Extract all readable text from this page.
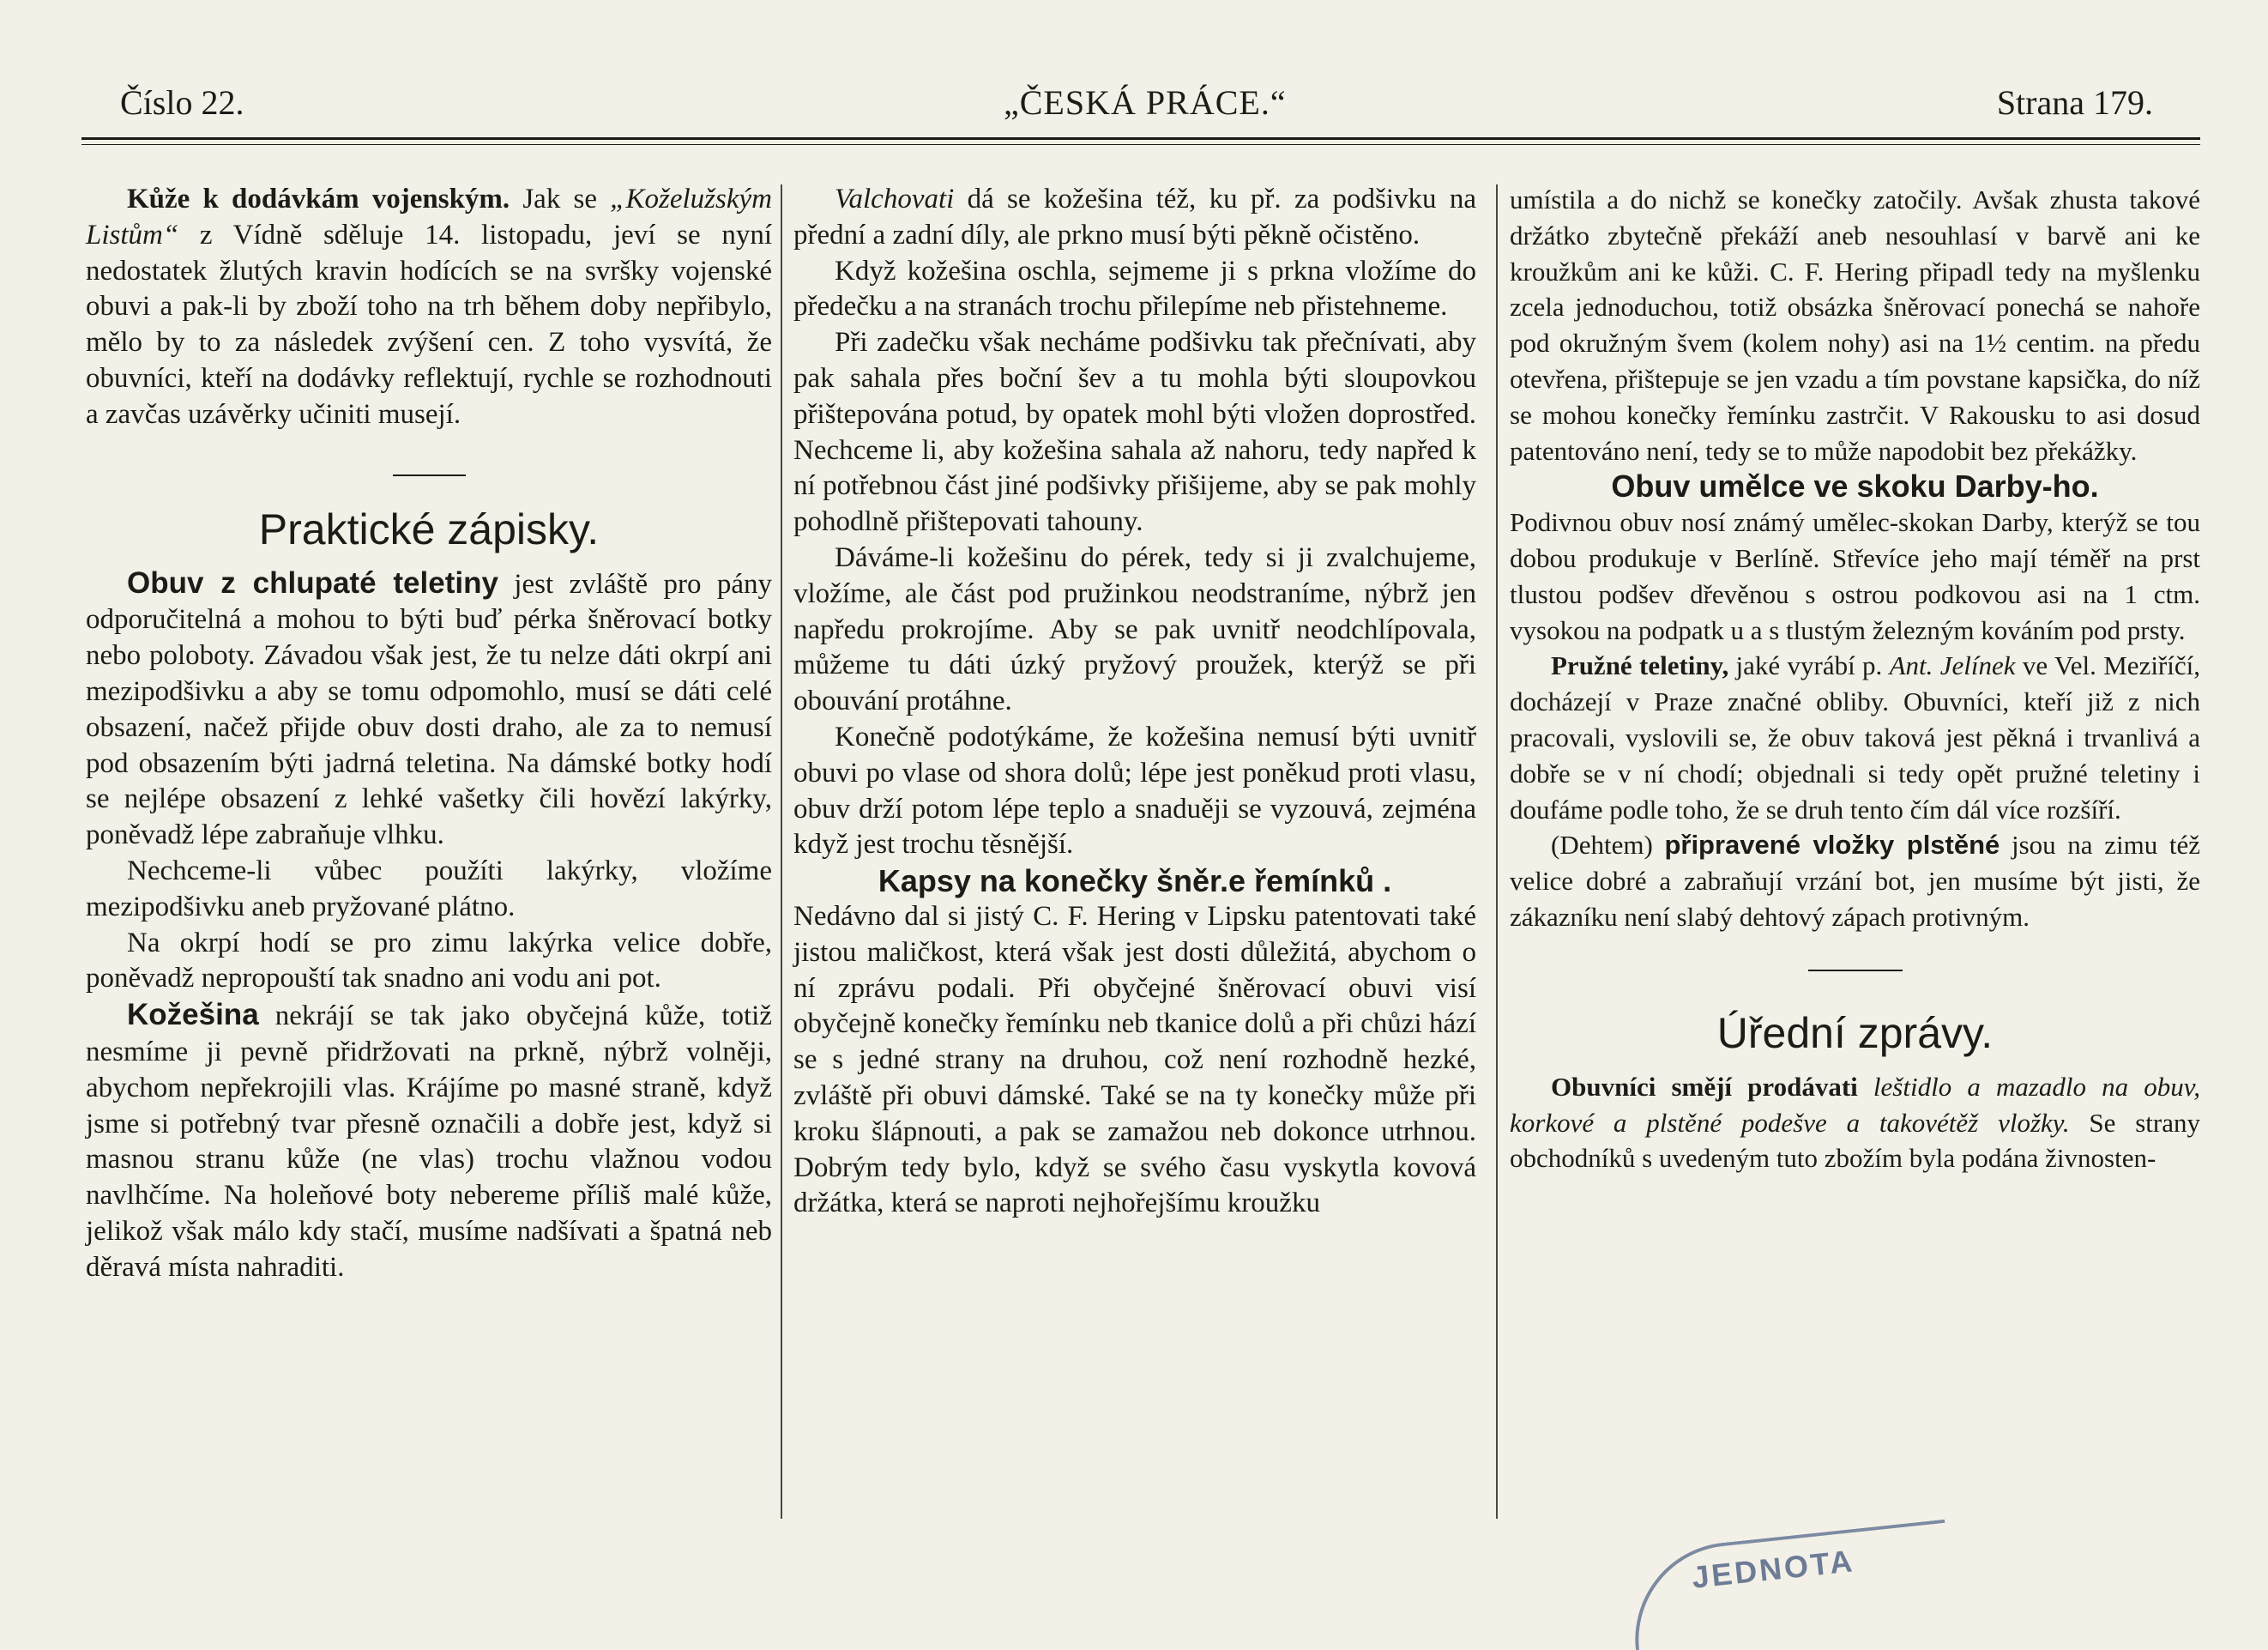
Číslo 22.	„ČESKÁ PRÁCE.“	Strana 179.

Kůže k dodávkám vojenským. Jak se „Koželužským Listům“ z Vídně sděluje 14. listopadu, jeví se nyní nedostatek žlutých kravin hodících se na svršky vojenské obuvi a pak-li by zboží toho na trh během doby nepřibylo, mělo by to za následek zvýšení cen. Z toho vysvítá, že obuvníci, kteří na dodávky reflektují, rychle se rozhodnouti a zavčas uzávěrky učiniti musejí.

Praktické zápisky.

Obuv z chlupaté teletiny jest zvláště pro pány odporučitelná a mohou to býti buď pérka šněrovací botky nebo poloboty. Závadou však jest, že tu nelze dáti okrpí ani mezipodšivku a aby se tomu odpomohlo, musí se dáti celé obsazení, načež přijde obuv dosti draho, ale za to nemusí pod obsazením býti jadrná teletina. Na dámské botky hodí se nejlépe obsazení z lehké vašetky čili hovězí lakýrky, poněvadž lépe zabraňuje vlhku.

Nechceme-li vůbec použíti lakýrky, vložíme mezipodšivku aneb pryžované plátno.

Na okrpí hodí se pro zimu lakýrka velice dobře, poněvadž nepropouští tak snadno ani vodu ani pot.

Kožešina nekrájí se tak jako obyčejná kůže, totiž nesmíme ji pevně přidržovati na prkně, nýbrž volněji, abychom nepřekrojili vlas. Krájíme po masné straně, když jsme si potřebný tvar přesně označili a dobře jest, když si masnou stranu kůže (ne vlas) trochu vlažnou vodou navlhčíme. Na holeňové boty nebereme příliš malé kůže, jelikož však málo kdy stačí, musíme nadšívati a špatná neb děravá místa nahraditi.

Valchovati dá se kožešina též, ku př. za podšivku na přední a zadní díly, ale prkno musí býti pěkně očistěno.

Když kožešina oschla, sejmeme ji s prkna vložíme do předečku a na stranách trochu přilepíme neb přistehneme.

Při zadečku však necháme podšivku tak přečnívati, aby pak sahala přes boční šev a tu mohla býti sloupovkou přištepována potud, by opatek mohl býti vložen doprostřed. Nechceme li, aby kožešina sahala až nahoru, tedy napřed k ní potřebnou část jiné podšivky přišijeme, aby se pak mohly pohodlně přištepovati tahouny.

Dáváme-li kožešinu do pérek, tedy si ji zvalchujeme, vložíme, ale část pod pružinkou neodstraníme, nýbrž jen napředu prokrojíme. Aby se pak uvnitř neodchlípovala, můžeme tu dáti úzký pryžový proužek, kterýž se při obouvání protáhne.

Konečně podotýkáme, že kožešina nemusí býti uvnitř obuvi po vlase od shora dolů; lépe jest poněkud proti vlasu, obuv drží potom lépe teplo a snaduěji se vyzouvá, zejména když jest trochu těsnější.

Kapsy na konečky šněr.e řemínků .

Nedávno dal si jistý C. F. Hering v Lipsku patentovati také jistou maličkost, která však jest dosti důležitá, abychom o ní zprávu podali. Při obyčejné šněrovací obuvi visí obyčejně konečky řemínku neb tkanice dolů a při chůzi hází se s jedné strany na druhou, což není rozhodně hezké, zvláště při obuvi dámské. Také se na ty konečky může při kroku šlápnouti, a pak se zamažou neb dokonce utrhnou. Dobrým tedy bylo, když se svého času vyskytla kovová držátka, která se naproti nejhořejšímu kroužku

umístila a do nichž se konečky zatočily. Avšak zhusta takové držátko zbytečně překáží aneb nesouhlasí v barvě ani ke kroužkům ani ke kůži. C. F. Hering připadl tedy na myšlenku zcela jednoduchou, totiž obsázka šněrovací ponechá se nahoře pod okružným švem (kolem nohy) asi na 1½ centim. na předu otevřena, přištepuje se jen vzadu a tím povstane kapsička, do níž se mohou konečky řemínku zastrčit. V Rakousku to asi dosud patentováno není, tedy se to může napodobit bez překážky.

Obuv umělce ve skoku Darby-ho.

Podivnou obuv nosí známý umělec-skokan Darby, kterýž se tou dobou produkuje v Berlíně. Střevíce jeho mají téměř na prst tlustou podšev dřevěnou s ostrou podkovou asi na 1 ctm. vysokou na podpatk u a s tlustým železným kováním pod prsty.

Pružné teletiny, jaké vyrábí p. Ant. Jelínek ve Vel. Meziříčí, docházejí v Praze značné obliby. Obuvníci, kteří již z nich pracovali, vyslovili se, že obuv taková jest pěkná i trvanlivá a dobře se v ní chodí; objednali si tedy opět pružné teletiny i doufáme podle toho, že se druh tento čím dál více rozšíří.

(Dehtem) připravené vložky plstěné jsou na zimu též velice dobré a zabraňují vrzání bot, jen musíme být jisti, že zákazníku není slabý dehtový zápach protivným.

Úřední zprávy.

Obuvníci smějí prodávati leštidlo a mazadlo na obuv, korkové a plstěné podešve a takovétěž vložky. Se strany obchodníků s uvedeným tuto zbožím byla podána živnosten-

JEDNOTA
